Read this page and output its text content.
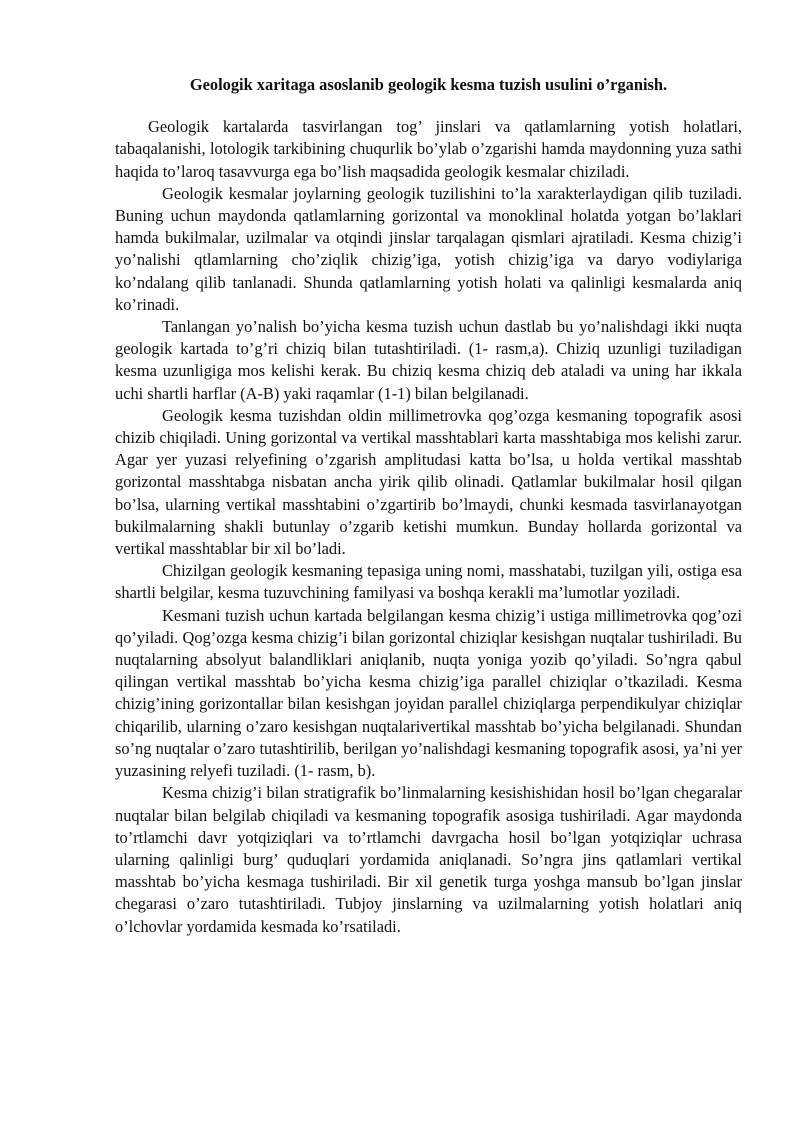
Geologik xaritaga asoslanib geologik kesma tuzish usulini o’rganish.

Geologik kartalarda tasvirlangan tog’ jinslari va qatlamlarning yotish holatlari, tabaqalanishi, lotologik tarkibining chuqurlik bo’ylab o’zgarishi hamda maydonning yuza sathi haqida to’laroq tasavvurga ega bo’lish maqsadida geologik kesmalar chiziladi.

Geologik kesmalar joylarning geologik tuzilishini to’la xarakterlaydigan qilib tuziladi. Buning uchun maydonda qatlamlarning gorizontal va monoklinal holatda yotgan bo’laklari hamda bukilmalar, uzilmalar va otqindi jinslar tarqalagan qismlari ajratiladi. Kesma chizig’i yo’nalishi qtlamlarning cho’ziqlik chizig’iga, yotish chizig’iga va daryo vodiylariga ko’ndalang qilib tanlanadi. Shunda qatlamlarning yotish holati va qalinligi kesmalarda aniq ko’rinadi.

Tanlangan yo’nalish bo’yicha kesma tuzish uchun dastlab bu yo’nalishdagi ikki nuqta geologik kartada to’g’ri chiziq bilan tutashtiriladi. (1- rasm,a). Chiziq uzunligi tuziladigan kesma uzunligiga mos kelishi kerak. Bu chiziq kesma chiziq deb ataladi va uning har ikkala uchi shartli harflar (A-B) yaki raqamlar (1-1) bilan belgilanadi.

Geologik kesma tuzishdan oldin millimetrovka qog’ozga kesmaning topografik asosi chizib chiqiladi. Uning gorizontal va vertikal masshtablari karta masshtabiga mos kelishi zarur. Agar yer yuzasi relyefining o’zgarish amplitudasi katta bo’lsa, u holda vertikal masshtab gorizontal masshtabga nisbatan ancha yirik qilib olinadi. Qatlamlar bukilmalar hosil qilgan bo’lsa, ularning vertikal masshtabini o’zgartirib bo’lmaydi, chunki kesmada tasvirlanayotgan bukilmalarning shakli butunlay o’zgarib ketishi mumkun. Bunday hollarda gorizontal va vertikal masshtablar bir xil bo’ladi.

Chizilgan geologik kesmaning tepasiga uning nomi, masshatabi, tuzilgan yili, ostiga esa shartli belgilar, kesma tuzuvchining familyasi va boshqa kerakli ma’lumotlar yoziladi.

Kesmani tuzish uchun kartada belgilangan kesma chizig’i ustiga millimetrovka qog’ozi qo’yiladi. Qog’ozga kesma chizig’i bilan gorizontal chiziqlar kesishgan nuqtalar tushiriladi. Bu nuqtalarning absolyut balandliklari aniqlanib, nuqta yoniga yozib qo’yiladi. So’ngra qabul qilingan vertikal masshtab bo’yicha kesma chizig’iga parallel chiziqlar o’tkaziladi. Kesma chizig’ining gorizontallar bilan kesishgan joyidan parallel chiziqlarga perpendikulyar chiziqlar chiqarilib, ularning o’zaro kesishgan nuqtalarivertikal masshtab bo’yicha belgilanadi. Shundan so’ng nuqtalar o’zaro tutashtirilib, berilgan yo’nalishdagi kesmaning topografik asosi, ya’ni yer yuzasining relyefi tuziladi. (1- rasm, b).

Kesma chizig’i bilan stratigrafik bo’linmalarning kesishishidan hosil bo’lgan chegaralar nuqtalar bilan belgilab chiqiladi va kesmaning topografik asosiga tushiriladi. Agar maydonda to’rtlamchi davr yotqiziqlari va to’rtlamchi davrgacha hosil bo’lgan yotqiziqlar uchrasa ularning qalinligi burg’ quduqlari yordamida aniqlanadi. So’ngra jins qatlamlari vertikal masshtab bo’yicha kesmaga tushiriladi. Bir xil genetik turga yoshga mansub bo’lgan jinslar chegarasi o’zaro tutashtiriladi. Tubjoy jinslarning va uzilmalarning yotish holatlari aniq o’lchovlar yordamida kesmada ko’rsatiladi.
